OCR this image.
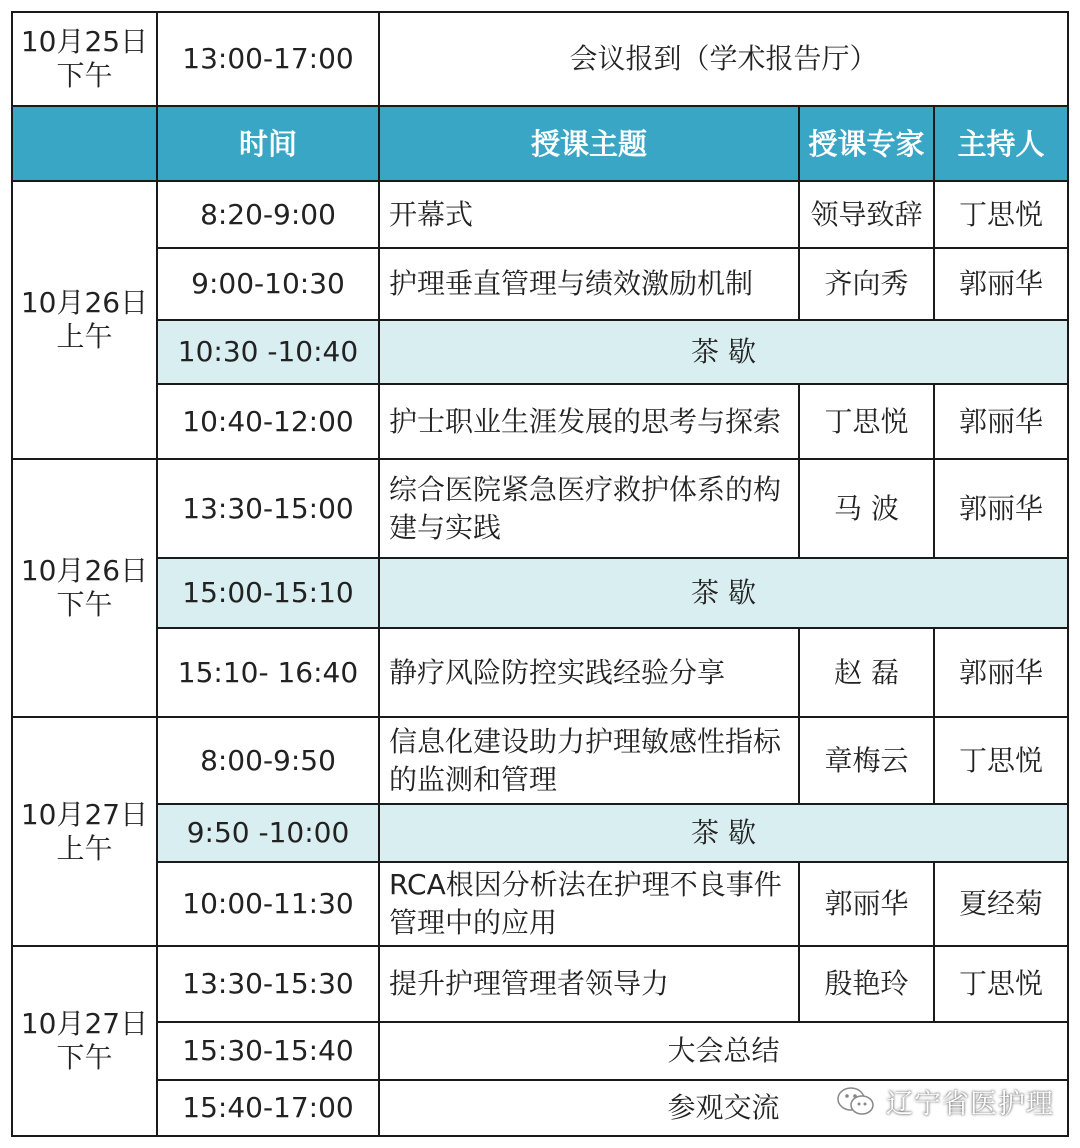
10月25日
下午	13:00-17:00	会议报到（学术报告厅）		
	时间	授课主题	授课专家	主持人
10月26日
上午	8:20-9:00	开幕式	领导致辞	丁思悦
	9:00-10:30	护理垂直管理与绩效激励机制	齐向秀	郭丽华
	10:30 -10:40	茶 歇		
	10:40-12:00	护士职业生涯发展的思考与探索	丁思悦	郭丽华
10月26日
下午	13:30-15:00	综合医院紧急医疗救护体系的构建与实践	马 波	郭丽华
	15:00-15:10	茶 歇		
	15:10- 16:40	静疗风险防控实践经验分享	赵 磊	郭丽华
10月27日
上午	8:00-9:50	信息化建设助力护理敏感性指标的监测和管理	章梅云	丁思悦
	9:50 -10:00	茶 歇		
	10:00-11:30	RCA根因分析法在护理不良事件管理中的应用	郭丽华	夏经菊
10月27日
下午	13:30-15:30	提升护理管理者领导力	殷艳玲	丁思悦
	15:30-15:40	大会总结		
	15:40-17:00	参观交流			辽宁省医护理
